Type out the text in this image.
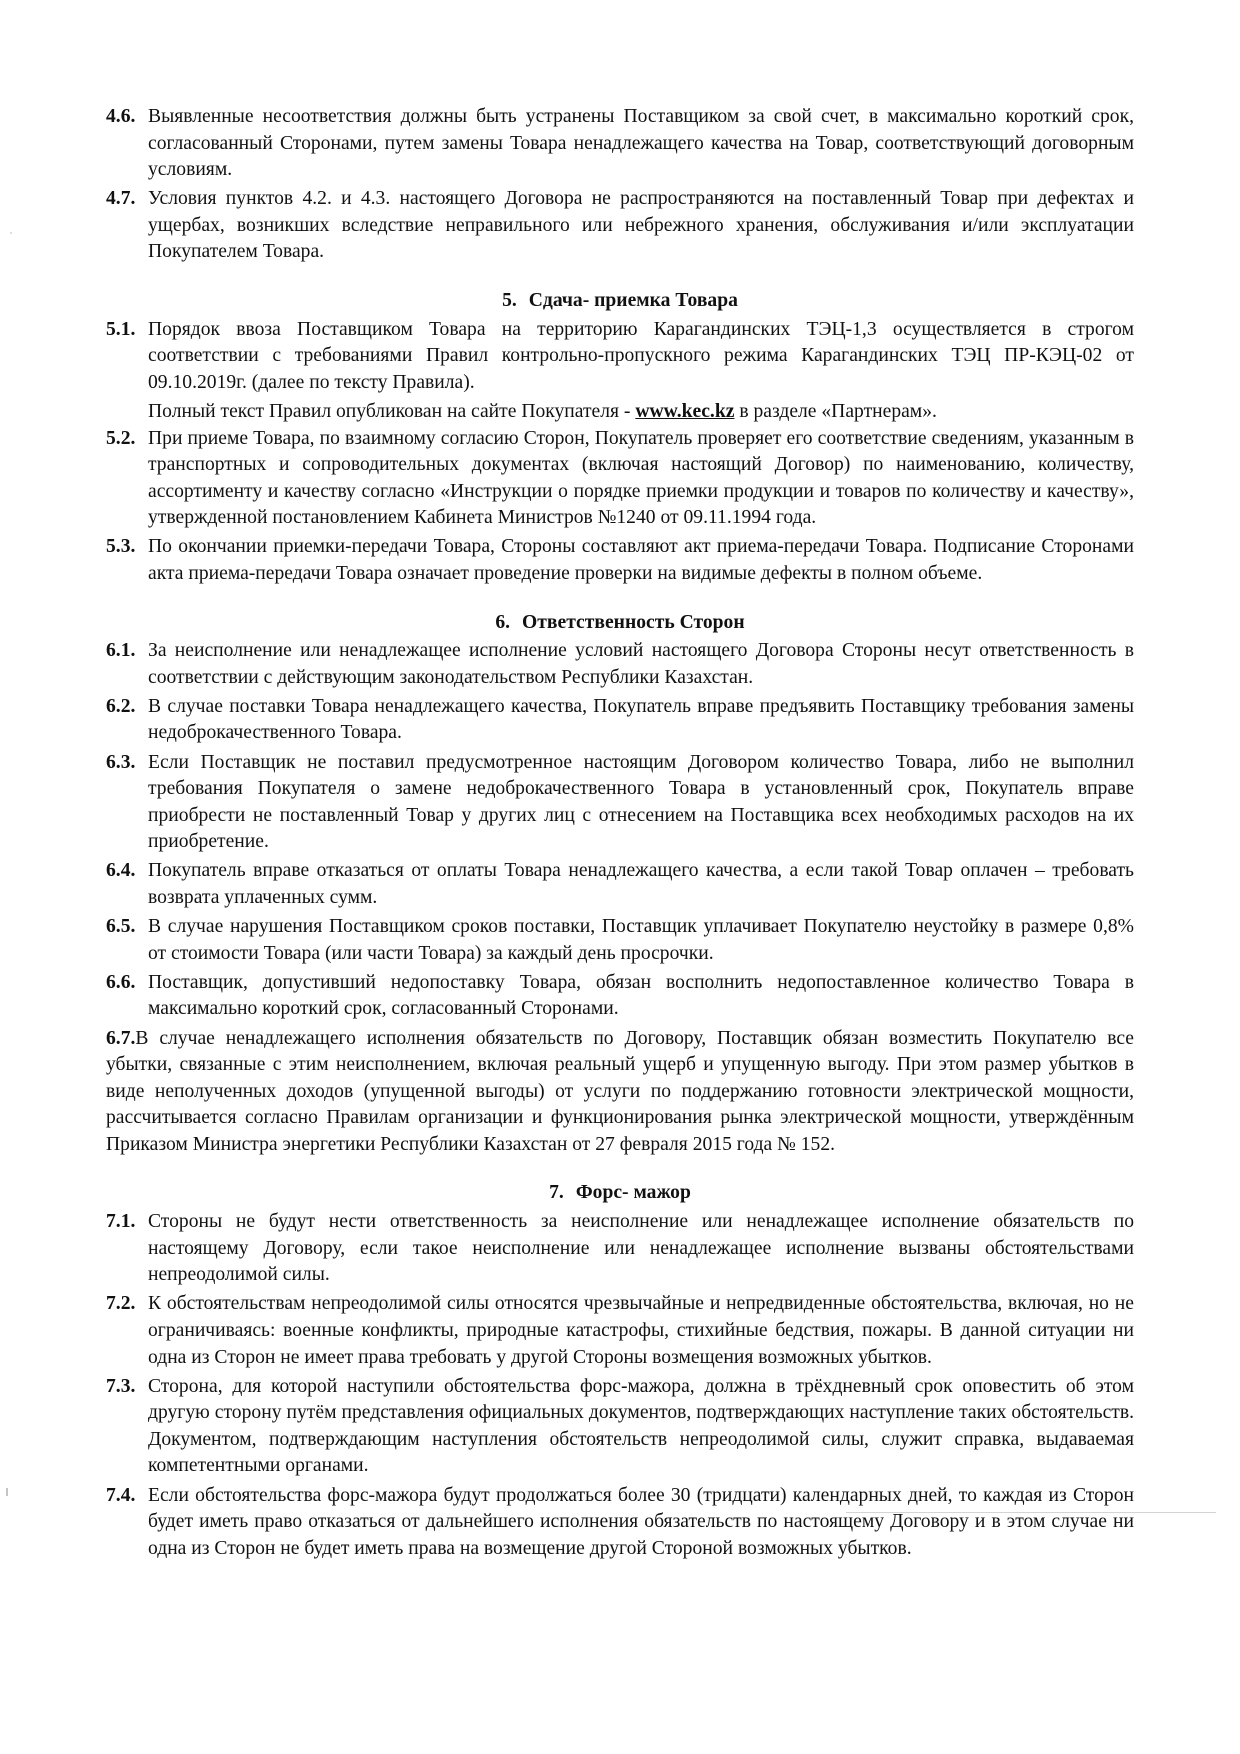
4.6. Выявленные несоответствия должны быть устранены Поставщиком за свой счет, в максимально короткий срок, согласованный Сторонами, путем замены Товара ненадлежащего качества на Товар, соответствующий договорным условиям.
4.7. Условия пунктов 4.2. и 4.3. настоящего Договора не распространяются на поставленный Товар при дефектах и ущербах, возникших вследствие неправильного или небрежного хранения, обслуживания и/или эксплуатации Покупателем Товара.
5. Сдача- приемка Товара
5.1. Порядок ввоза Поставщиком Товара на территорию Карагандинских ТЭЦ-1,3 осуществляется в строгом соответствии с требованиями Правил контрольно-пропускного режима Карагандинских ТЭЦ ПР-КЭЦ-02 от 09.10.2019г. (далее по тексту Правила).
Полный текст Правил опубликован на сайте Покупателя - www.kec.kz в разделе «Партнерам».
5.2. При приеме Товара, по взаимному согласию Сторон, Покупатель проверяет его соответствие сведениям, указанным в транспортных и сопроводительных документах (включая настоящий Договор) по наименованию, количеству, ассортименту и качеству согласно «Инструкции о порядке приемки продукции и товаров по количеству и качеству», утвержденной постановлением Кабинета Министров №1240 от 09.11.1994 года.
5.3. По окончании приемки-передачи Товара, Стороны составляют акт приема-передачи Товара. Подписание Сторонами акта приема-передачи Товара означает проведение проверки на видимые дефекты в полном объеме.
6. Ответственность Сторон
6.1. За неисполнение или ненадлежащее исполнение условий настоящего Договора Стороны несут ответственность в соответствии с действующим законодательством Республики Казахстан.
6.2. В случае поставки Товара ненадлежащего качества, Покупатель вправе предъявить Поставщику требования замены недоброкачественного Товара.
6.3. Если Поставщик не поставил предусмотренное настоящим Договором количество Товара, либо не выполнил требования Покупателя о замене недоброкачественного Товара в установленный срок, Покупатель вправе приобрести не поставленный Товар у других лиц с отнесением на Поставщика всех необходимых расходов на их приобретение.
6.4. Покупатель вправе отказаться от оплаты Товара ненадлежащего качества, а если такой Товар оплачен – требовать возврата уплаченных сумм.
6.5. В случае нарушения Поставщиком сроков поставки, Поставщик уплачивает Покупателю неустойку в размере 0,8% от стоимости Товара (или части Товара) за каждый день просрочки.
6.6. Поставщик, допустивший недопоставку Товара, обязан восполнить недопоставленное количество Товара в максимально короткий срок, согласованный Сторонами.
6.7.В случае ненадлежащего исполнения обязательств по Договору, Поставщик обязан возместить Покупателю все убытки, связанные с этим неисполнением, включая реальный ущерб и упущенную выгоду. При этом размер убытков в виде неполученных доходов (упущенной выгоды) от услуги по поддержанию готовности электрической мощности, рассчитывается согласно Правилам организации и функционирования рынка электрической мощности, утверждённым Приказом Министра энергетики Республики Казахстан от 27 февраля 2015 года № 152.
7. Форс- мажор
7.1. Стороны не будут нести ответственность за неисполнение или ненадлежащее исполнение обязательств по настоящему Договору, если такое неисполнение или ненадлежащее исполнение вызваны обстоятельствами непреодолимой силы.
7.2. К обстоятельствам непреодолимой силы относятся чрезвычайные и непредвиденные обстоятельства, включая, но не ограничиваясь: военные конфликты, природные катастрофы, стихийные бедствия, пожары. В данной ситуации ни одна из Сторон не имеет права требовать у другой Стороны возмещения возможных убытков.
7.3. Сторона, для которой наступили обстоятельства форс-мажора, должна в трёхдневный срок оповестить об этом другую сторону путём представления официальных документов, подтверждающих наступление таких обстоятельств. Документом, подтверждающим наступления обстоятельств непреодолимой силы, служит справка, выдаваемая компетентными органами.
7.4. Если обстоятельства форс-мажора будут продолжаться более 30 (тридцати) календарных дней, то каждая из Сторон будет иметь право отказаться от дальнейшего исполнения обязательств по настоящему Договору и в этом случае ни одна из Сторон не будет иметь права на возмещение другой Стороной возможных убытков.
